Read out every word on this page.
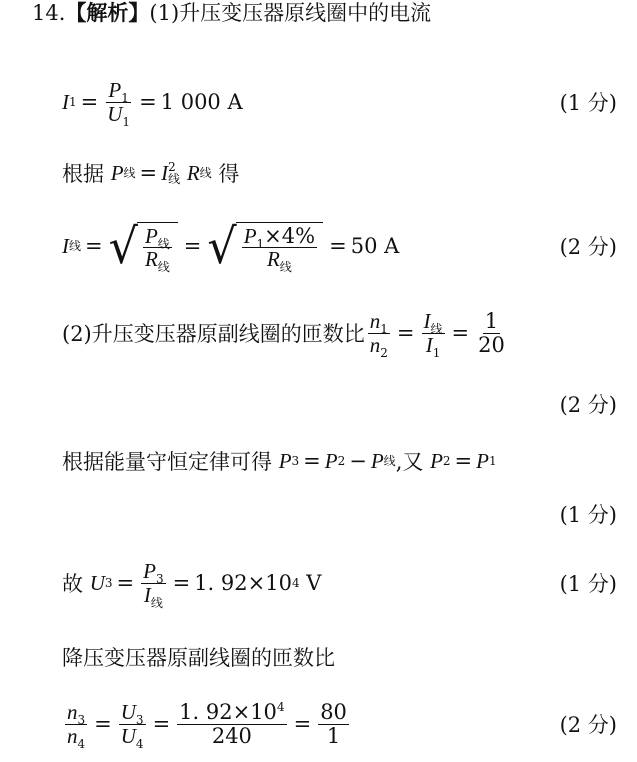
14.【解析】(1)升压变压器原线圈中的电流
I $1 = \frac{P_1}{U_1} = 1$ 000 A	(1 分)
根据
P 线 = I 2
线
R 线
得
I 线 = √ $\frac{P_线}{R_线}$ = √ $\frac{P_1\times 4\%}{R_线} = 50$ A	(2 分)
(2)升压变压器原副线圈的匝数比 $\frac{n_1}{n_2} = \frac{I_线}{I_1} = \frac{1}{20}$
(2 分)
根据能量守恒定律可得
P 3 = P 2 − P 线 ,又
P 2 = P 1
(1 分)
故
U $3 = \frac{P_3}{I_线} = 1$. 92×10 4
V	(1 分)
降压变压器原副线圈的匝数比
$\frac{n_3}{n_4} = \frac{U_3}{U_4} = \frac{1. 92\times 10^4}{240} = \frac{80}{1}$	(2 分)
